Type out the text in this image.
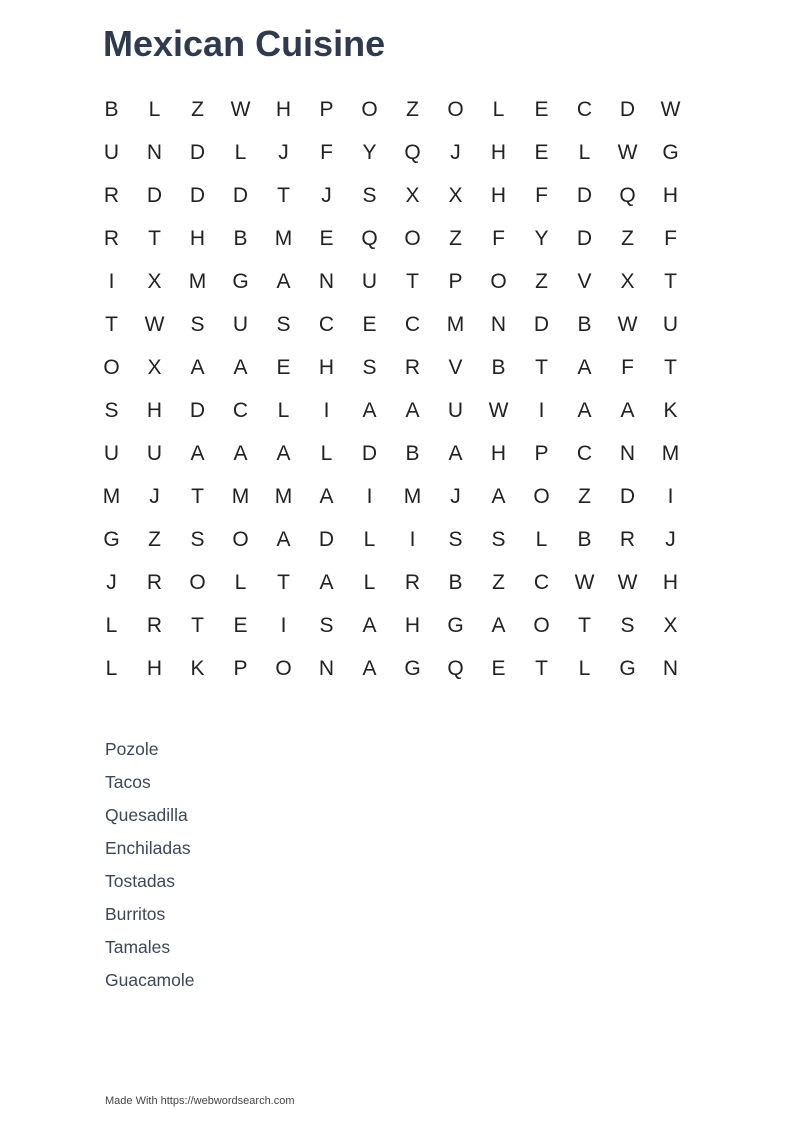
Mexican Cuisine
B	L	Z	W	H	P	O	Z	O	L	E	C	D	W
U	N	D	L	J	F	Y	Q	J	H	E	L	W	G
R	D	D	D	T	J	S	X	X	H	F	D	Q	H
R	T	H	B	M	E	Q	O	Z	F	Y	D	Z	F
I	X	M	G	A	N	U	T	P	O	Z	V	X	T
T	W	S	U	S	C	E	C	M	N	D	B	W	U
O	X	A	A	E	H	S	R	V	B	T	A	F	T
S	H	D	C	L	I	A	A	U	W	I	A	A	K
U	U	A	A	A	L	D	B	A	H	P	C	N	M
M	J	T	M	M	A	I	M	J	A	O	Z	D	I
G	Z	S	O	A	D	L	I	S	S	L	B	R	J
J	R	O	L	T	A	L	R	B	Z	C	W	W	H
L	R	T	E	I	S	A	H	G	A	O	T	S	X
L	H	K	P	O	N	A	G	Q	E	T	L	G	N
Pozole
Tacos
Quesadilla
Enchiladas
Tostadas
Burritos
Tamales
Guacamole
Made With https://webwordsearch.com
